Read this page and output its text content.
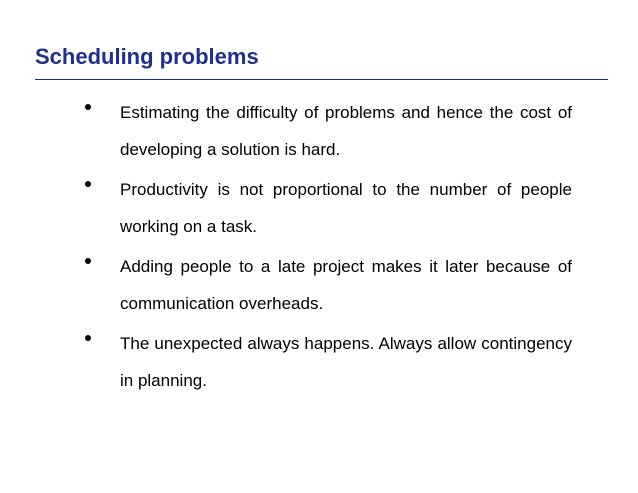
Scheduling problems
Estimating the difficulty of problems and hence the cost of developing a solution is hard.
Productivity is not proportional to the number of people working on a task.
Adding people to a late project makes it later because of communication overheads.
The unexpected always happens. Always allow contingency in planning.
